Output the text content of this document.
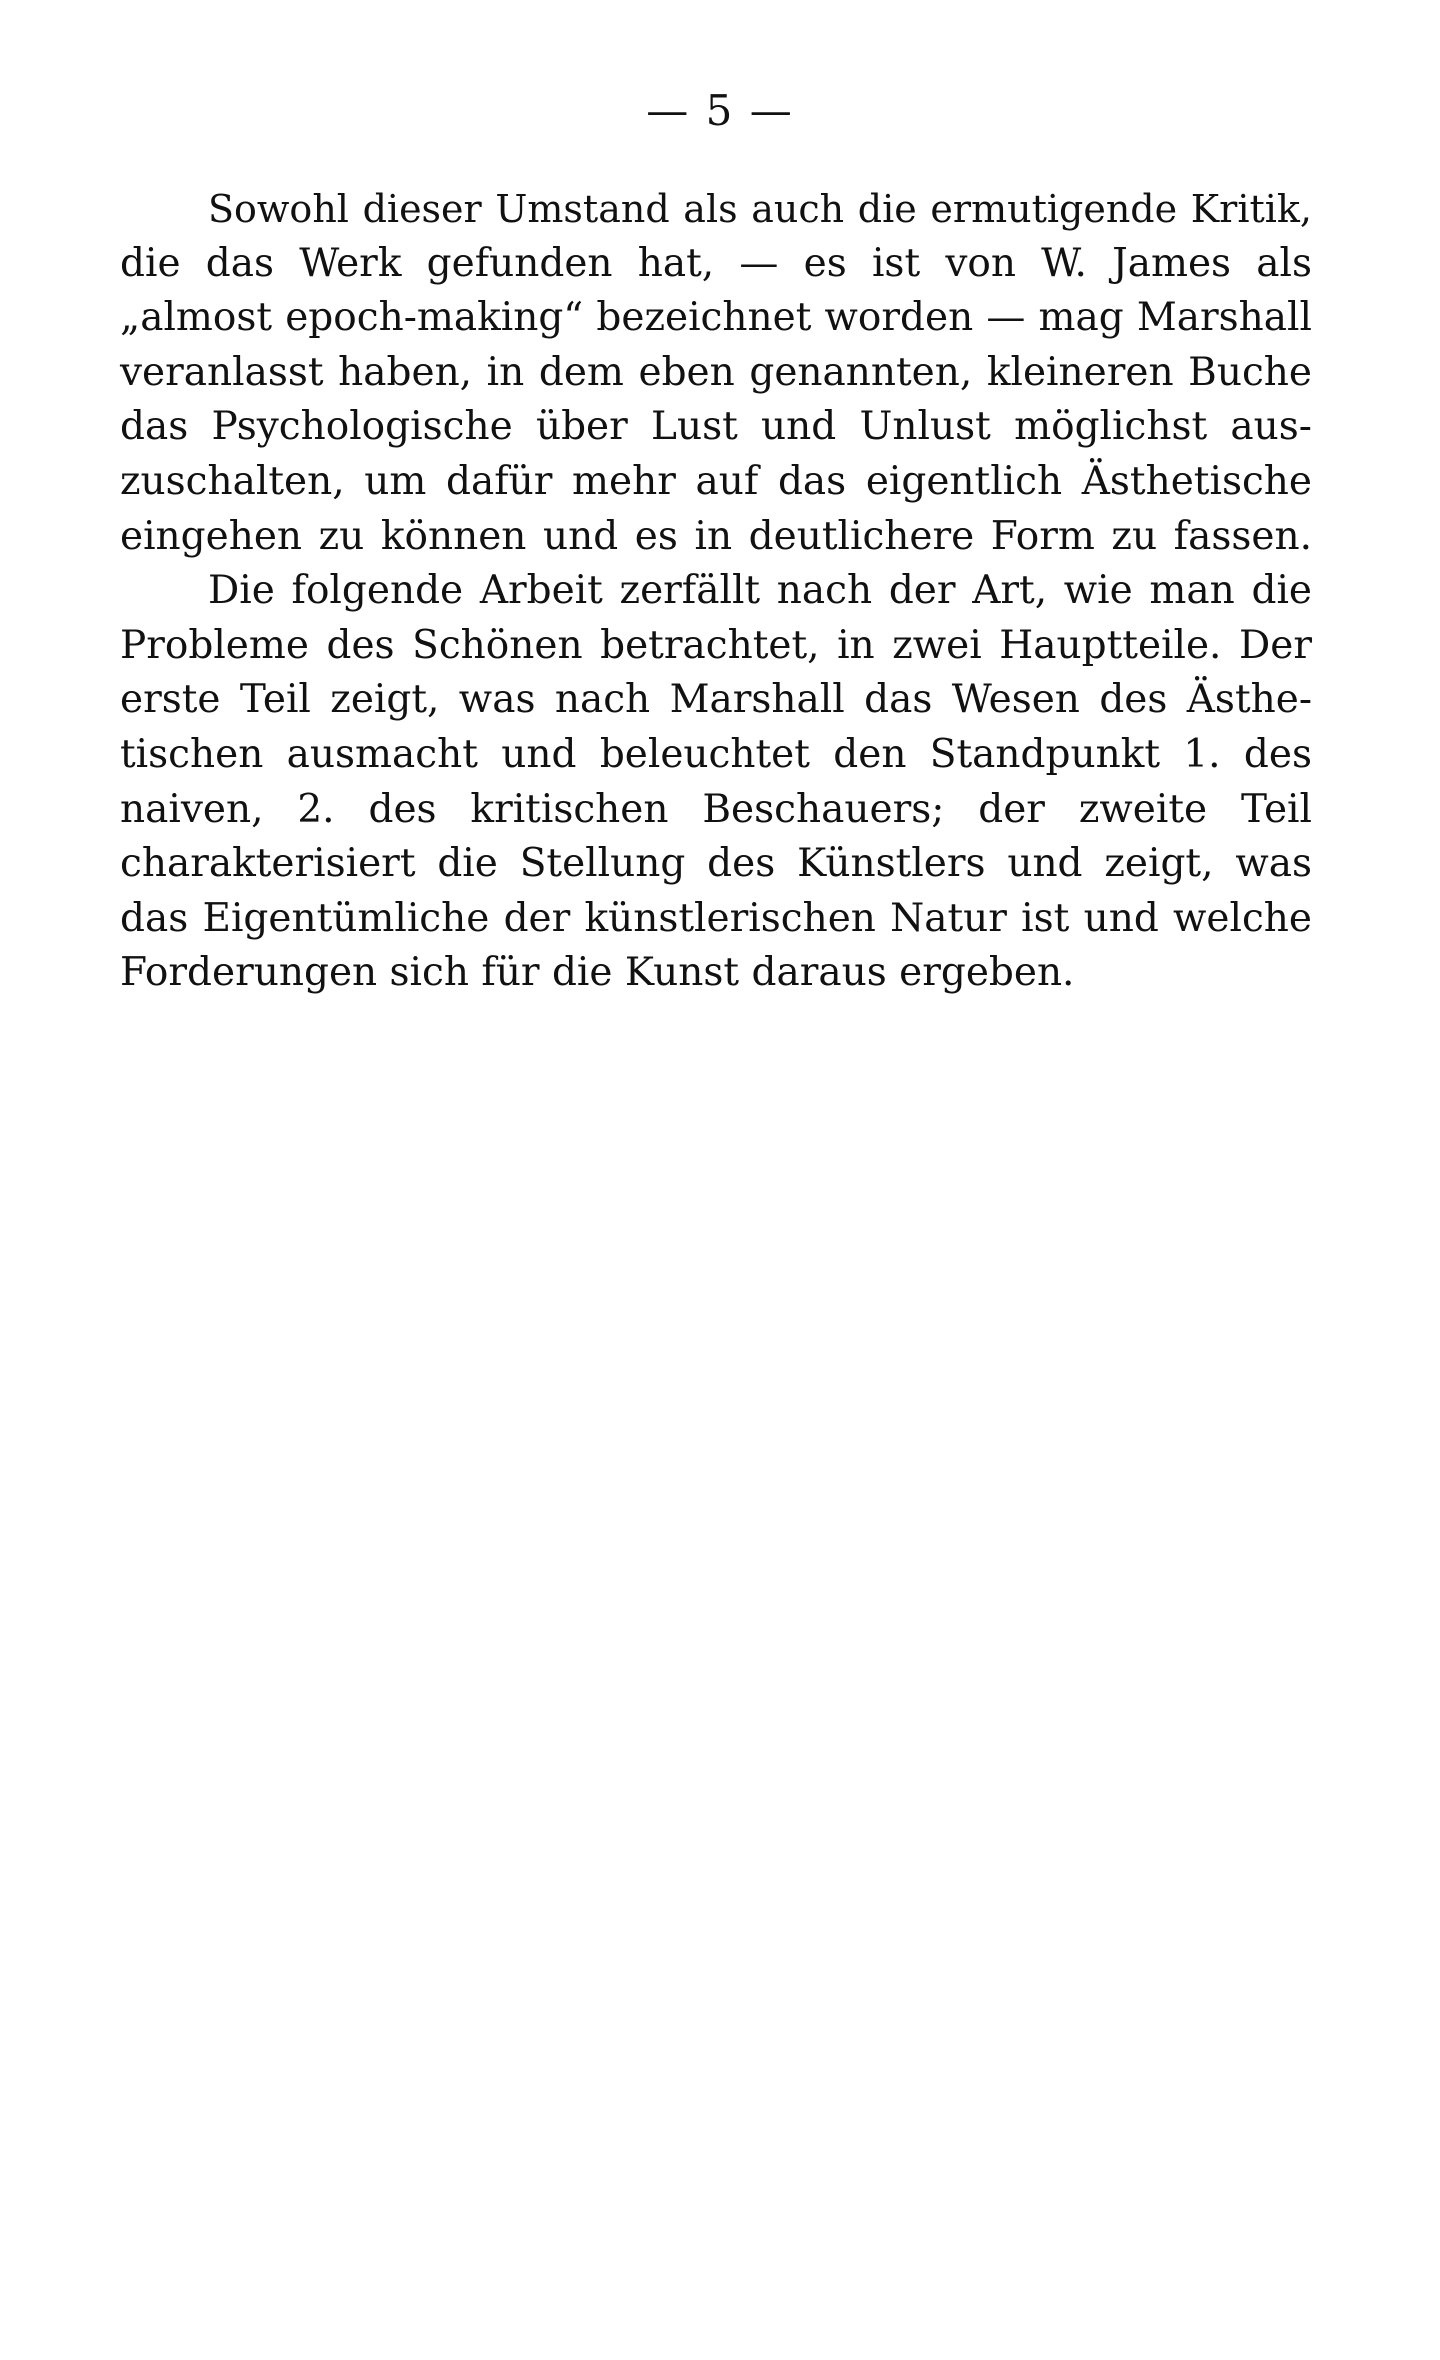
— 5 —
Sowohl dieser Umstand als auch die ermutigende Kritik,
die das Werk gefunden hat, — es ist von W. James als
„almost epoch-making“ bezeichnet worden — mag Marshall
veranlasst haben, in dem eben genannten, kleineren Buche
das Psychologische über Lust und Unlust möglichst aus-
zuschalten, um dafür mehr auf das eigentlich Ästhetische
eingehen zu können und es in deutlichere Form zu fassen.
Die folgende Arbeit zerfällt nach der Art, wie man die
Probleme des Schönen betrachtet, in zwei Hauptteile. Der
erste Teil zeigt, was nach Marshall das Wesen des Ästhe-
tischen ausmacht und beleuchtet den Standpunkt 1. des
naiven, 2. des kritischen Beschauers; der zweite Teil
charakterisiert die Stellung des Künstlers und zeigt, was
das Eigentümliche der künstlerischen Natur ist und welche
Forderungen sich für die Kunst daraus ergeben.
